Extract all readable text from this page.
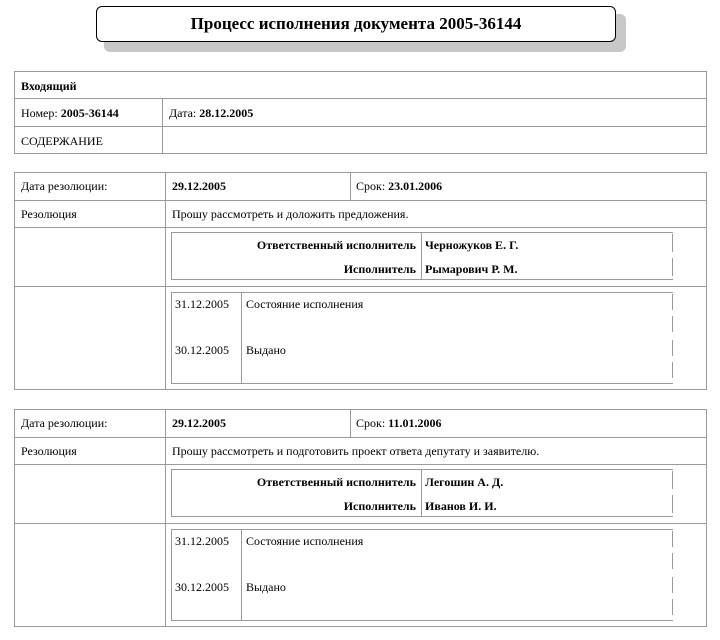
Процесс исполнения документа 2005-36144
Входящий
Номер: 2005-36144	Дата: 28.12.2005
СОДЕРЖАНИЕ
Дата резолюции:	29.12.2005	Срок: 23.01.2006
Резолюция	Прошу рассмотреть и доложить предложения.
Ответственный исполнитель Черножуков Е. Г.
Исполнитель Рымарович Р. М.
31.12.2005 Состояние исполнения
30.12.2005 Выдано
Дата резолюции:	29.12.2005	Срок: 11.01.2006
Резолюция	Прошу рассмотреть и подготовить проект ответа депутату и заявителю.
Ответственный исполнитель Легошин А. Д.
Исполнитель Иванов И. И.
31.12.2005 Состояние исполнения
30.12.2005 Выдано
